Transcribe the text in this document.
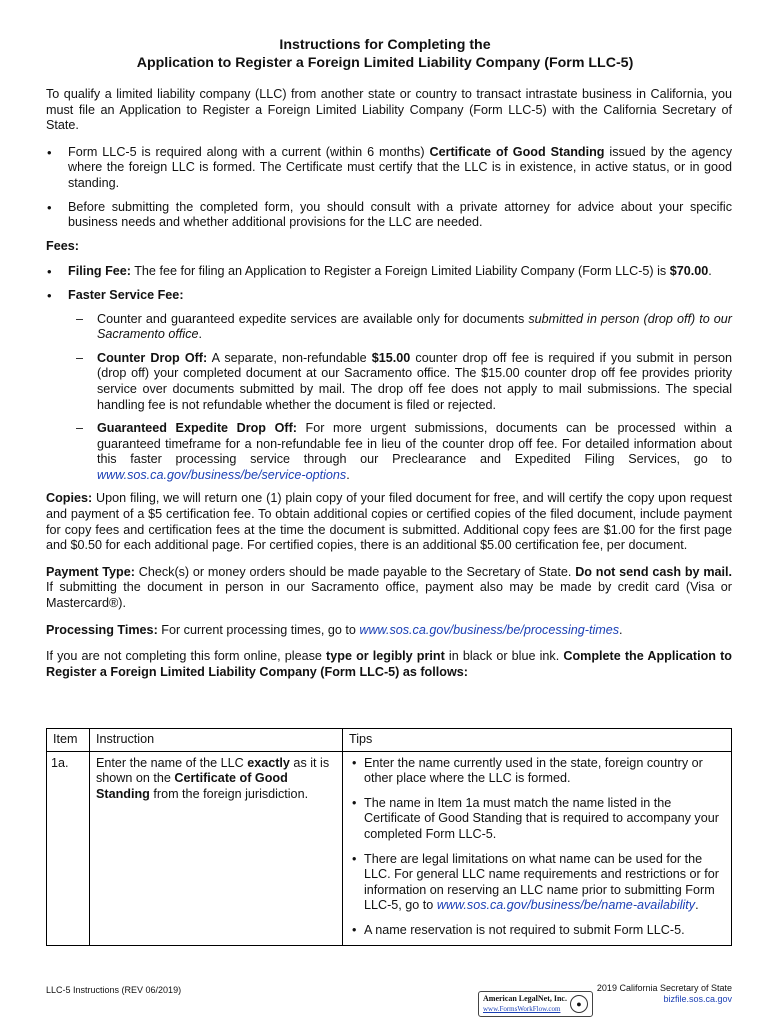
Instructions for Completing the
Application to Register a Foreign Limited Liability Company (Form LLC-5)

To qualify a limited liability company (LLC) from another state or country to transact intrastate business in California, you must file an Application to Register a Foreign Limited Liability Company (Form LLC-5) with the California Secretary of State.

• Form LLC-5 is required along with a current (within 6 months) Certificate of Good Standing issued by the agency where the foreign LLC is formed. The Certificate must certify that the LLC is in existence, in active status, or in good standing.
• Before submitting the completed form, you should consult with a private attorney for advice about your specific business needs and whether additional provisions for the LLC are needed.
Fees:
• Filing Fee: The fee for filing an Application to Register a Foreign Limited Liability Company (Form LLC-5) is $70.00.
• Faster Service Fee:
– Counter and guaranteed expedite services are available only for documents submitted in person (drop off) to our Sacramento office.
– Counter Drop Off: A separate, non-refundable $15.00 counter drop off fee is required if you submit in person (drop off) your completed document at our Sacramento office. The $15.00 counter drop off fee provides priority service over documents submitted by mail. The drop off fee does not apply to mail submissions. The special handling fee is not refundable whether the document is filed or rejected.
– Guaranteed Expedite Drop Off: For more urgent submissions, documents can be processed within a guaranteed timeframe for a non-refundable fee in lieu of the counter drop off fee. For detailed information about this faster processing service through our Preclearance and Expedited Filing Services, go to www.sos.ca.gov/business/be/service-options.

Copies: Upon filing, we will return one (1) plain copy of your filed document for free, and will certify the copy upon request and payment of a $5 certification fee. To obtain additional copies or certified copies of the filed document, include payment for copy fees and certification fees at the time the document is submitted. Additional copy fees are $1.00 for the first page and $0.50 for each additional page. For certified copies, there is an additional $5.00 certification fee, per document.

Payment Type: Check(s) or money orders should be made payable to the Secretary of State. Do not send cash by mail. If submitting the document in person in our Sacramento office, payment also may be made by credit card (Visa or Mastercard®).

Processing Times: For current processing times, go to www.sos.ca.gov/business/be/processing-times.

If you are not completing this form online, please type or legibly print in black or blue ink. Complete the Application to Register a Foreign Limited Liability Company (Form LLC-5) as follows:

Item	Instruction	Tips
1a.	Enter the name of the LLC exactly as it is shown on the Certificate of Good Standing from the foreign jurisdiction.	• Enter the name currently used in the state, foreign country or other place where the LLC is formed.
• The name in Item 1a must match the name listed in the Certificate of Good Standing that is required to accompany your completed Form LLC-5.
• There are legal limitations on what name can be used for the LLC. For general LLC name requirements and restrictions or for information on reserving an LLC name prior to submitting Form LLC-5, go to www.sos.ca.gov/business/be/name-availability.
• A name reservation is not required to submit Form LLC-5.
LLC-5 Instructions (REV 06/2019)
American LegalNet, Inc.
www.FormsWorkFlow.com	●
2019 California Secretary of State
bizfile.sos.ca.gov
